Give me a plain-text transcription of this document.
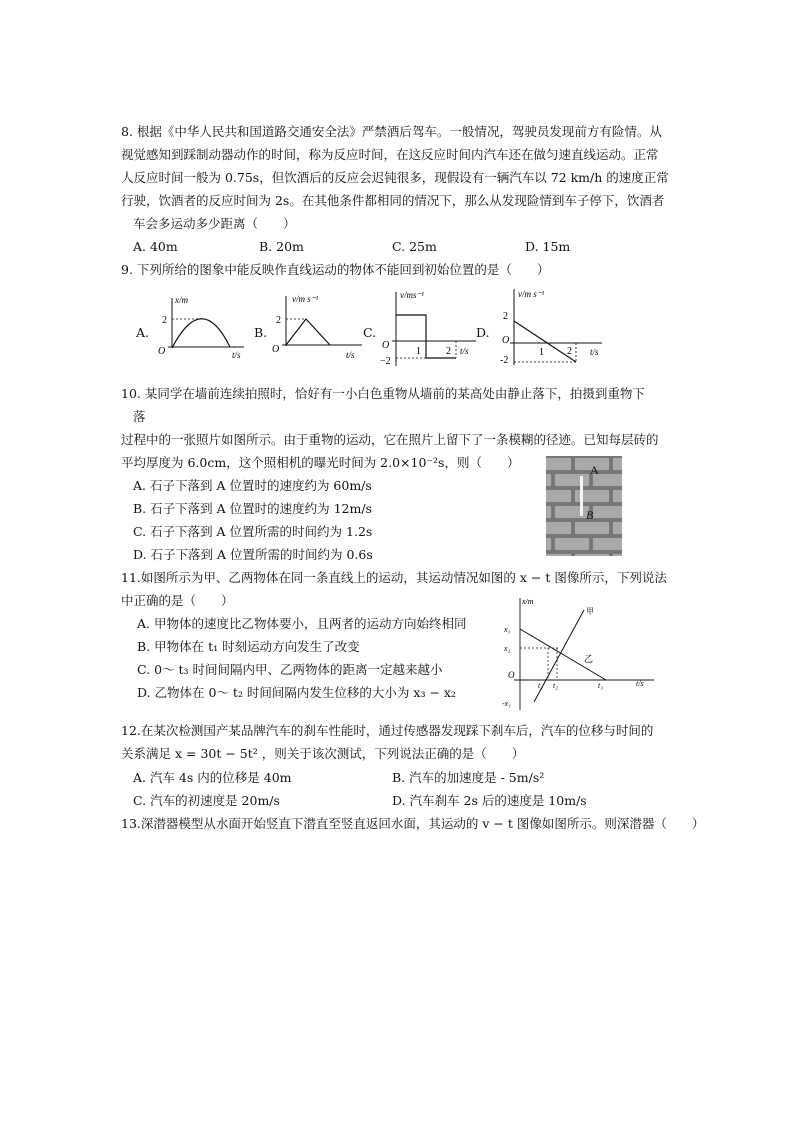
8. 根据《中华人民共和国道路交通安全法》严禁酒后驾车。一般情况，驾驶员发现前方有险情。从
视觉感知到踩制动器动作的时间，称为反应时间，在这反应时间内汽车还在做匀速直线运动。正常
人反应时间一般为 0.75s，但饮酒后的反应会迟钝很多，现假设有一辆汽车以 72 km/h 的速度正常
行驶，饮酒者的反应时间为 2s。在其他条件都相同的情况下，那么从发现险情到车子停下，饮酒者
车会多运动多少距离（　　）
A. 40m	B. 20m	C. 25m	D. 15m
9. 下列所给的图象中能反映作直线运动的物体不能回到初始位置的是（　　）
A.
x/m
2
O	t/s
B.
v/m s⁻¹
2
O	t/s
C.
v/ms⁻¹
O
−2
1	2 t/s
D.
v/m s⁻¹
2
O
-2
1 2 t/s
10. 某同学在墙前连续拍照时，恰好有一小白色重物从墙前的某高处由静止落下，拍摄到重物下
落
过程中的一张照片如图所示。由于重物的运动，它在照片上留下了一条模糊的径迹。已知每层砖的
平均厚度为 6.0cm，这个照相机的曝光时间为 2.0×10⁻²s，则（　　）
A. 石子下落到 A 位置时的速度约为 60m/s
B. 石子下落到 A 位置时的速度约为 12m/s
C. 石子下落到 A 位置所需的时间约为 1.2s
D. 石子下落到 A 位置所需的时间约为 0.6s
A
B
11.如图所示为甲、乙两物体在同一条直线上的运动，其运动情况如图的 x − t 图像所示，下列说法
中正确的是（　　）
A. 甲物体的速度比乙物体要小，且两者的运动方向始终相同
B. 甲物体在 t₁ 时刻运动方向发生了改变
C. 0～ t₃ 时间间隔内甲、乙两物体的距离一定越来越小
D. 乙物体在 0～ t₂ 时间间隔内发生位移的大小为 x₃ − x₂
x/m
x₃
x₂
O
-x₁
t₁ t₂	t₃	t/s
甲
乙
12.在某次检测国产某品牌汽车的刹车性能时，通过传感器发现踩下刹车后，汽车的位移与时间的
关系满足 x = 30t − 5t² ，则关于该次测试，下列说法正确的是（　　）
A. 汽车 4s 内的位移是 40m	B. 汽车的加速度是 - 5m/s²
C. 汽车的初速度是 20m/s	D. 汽车刹车 2s 后的速度是 10m/s
13.深潜器模型从水面开始竖直下潜直至竖直返回水面，其运动的 v − t 图像如图所示。则深潜器（　　）
